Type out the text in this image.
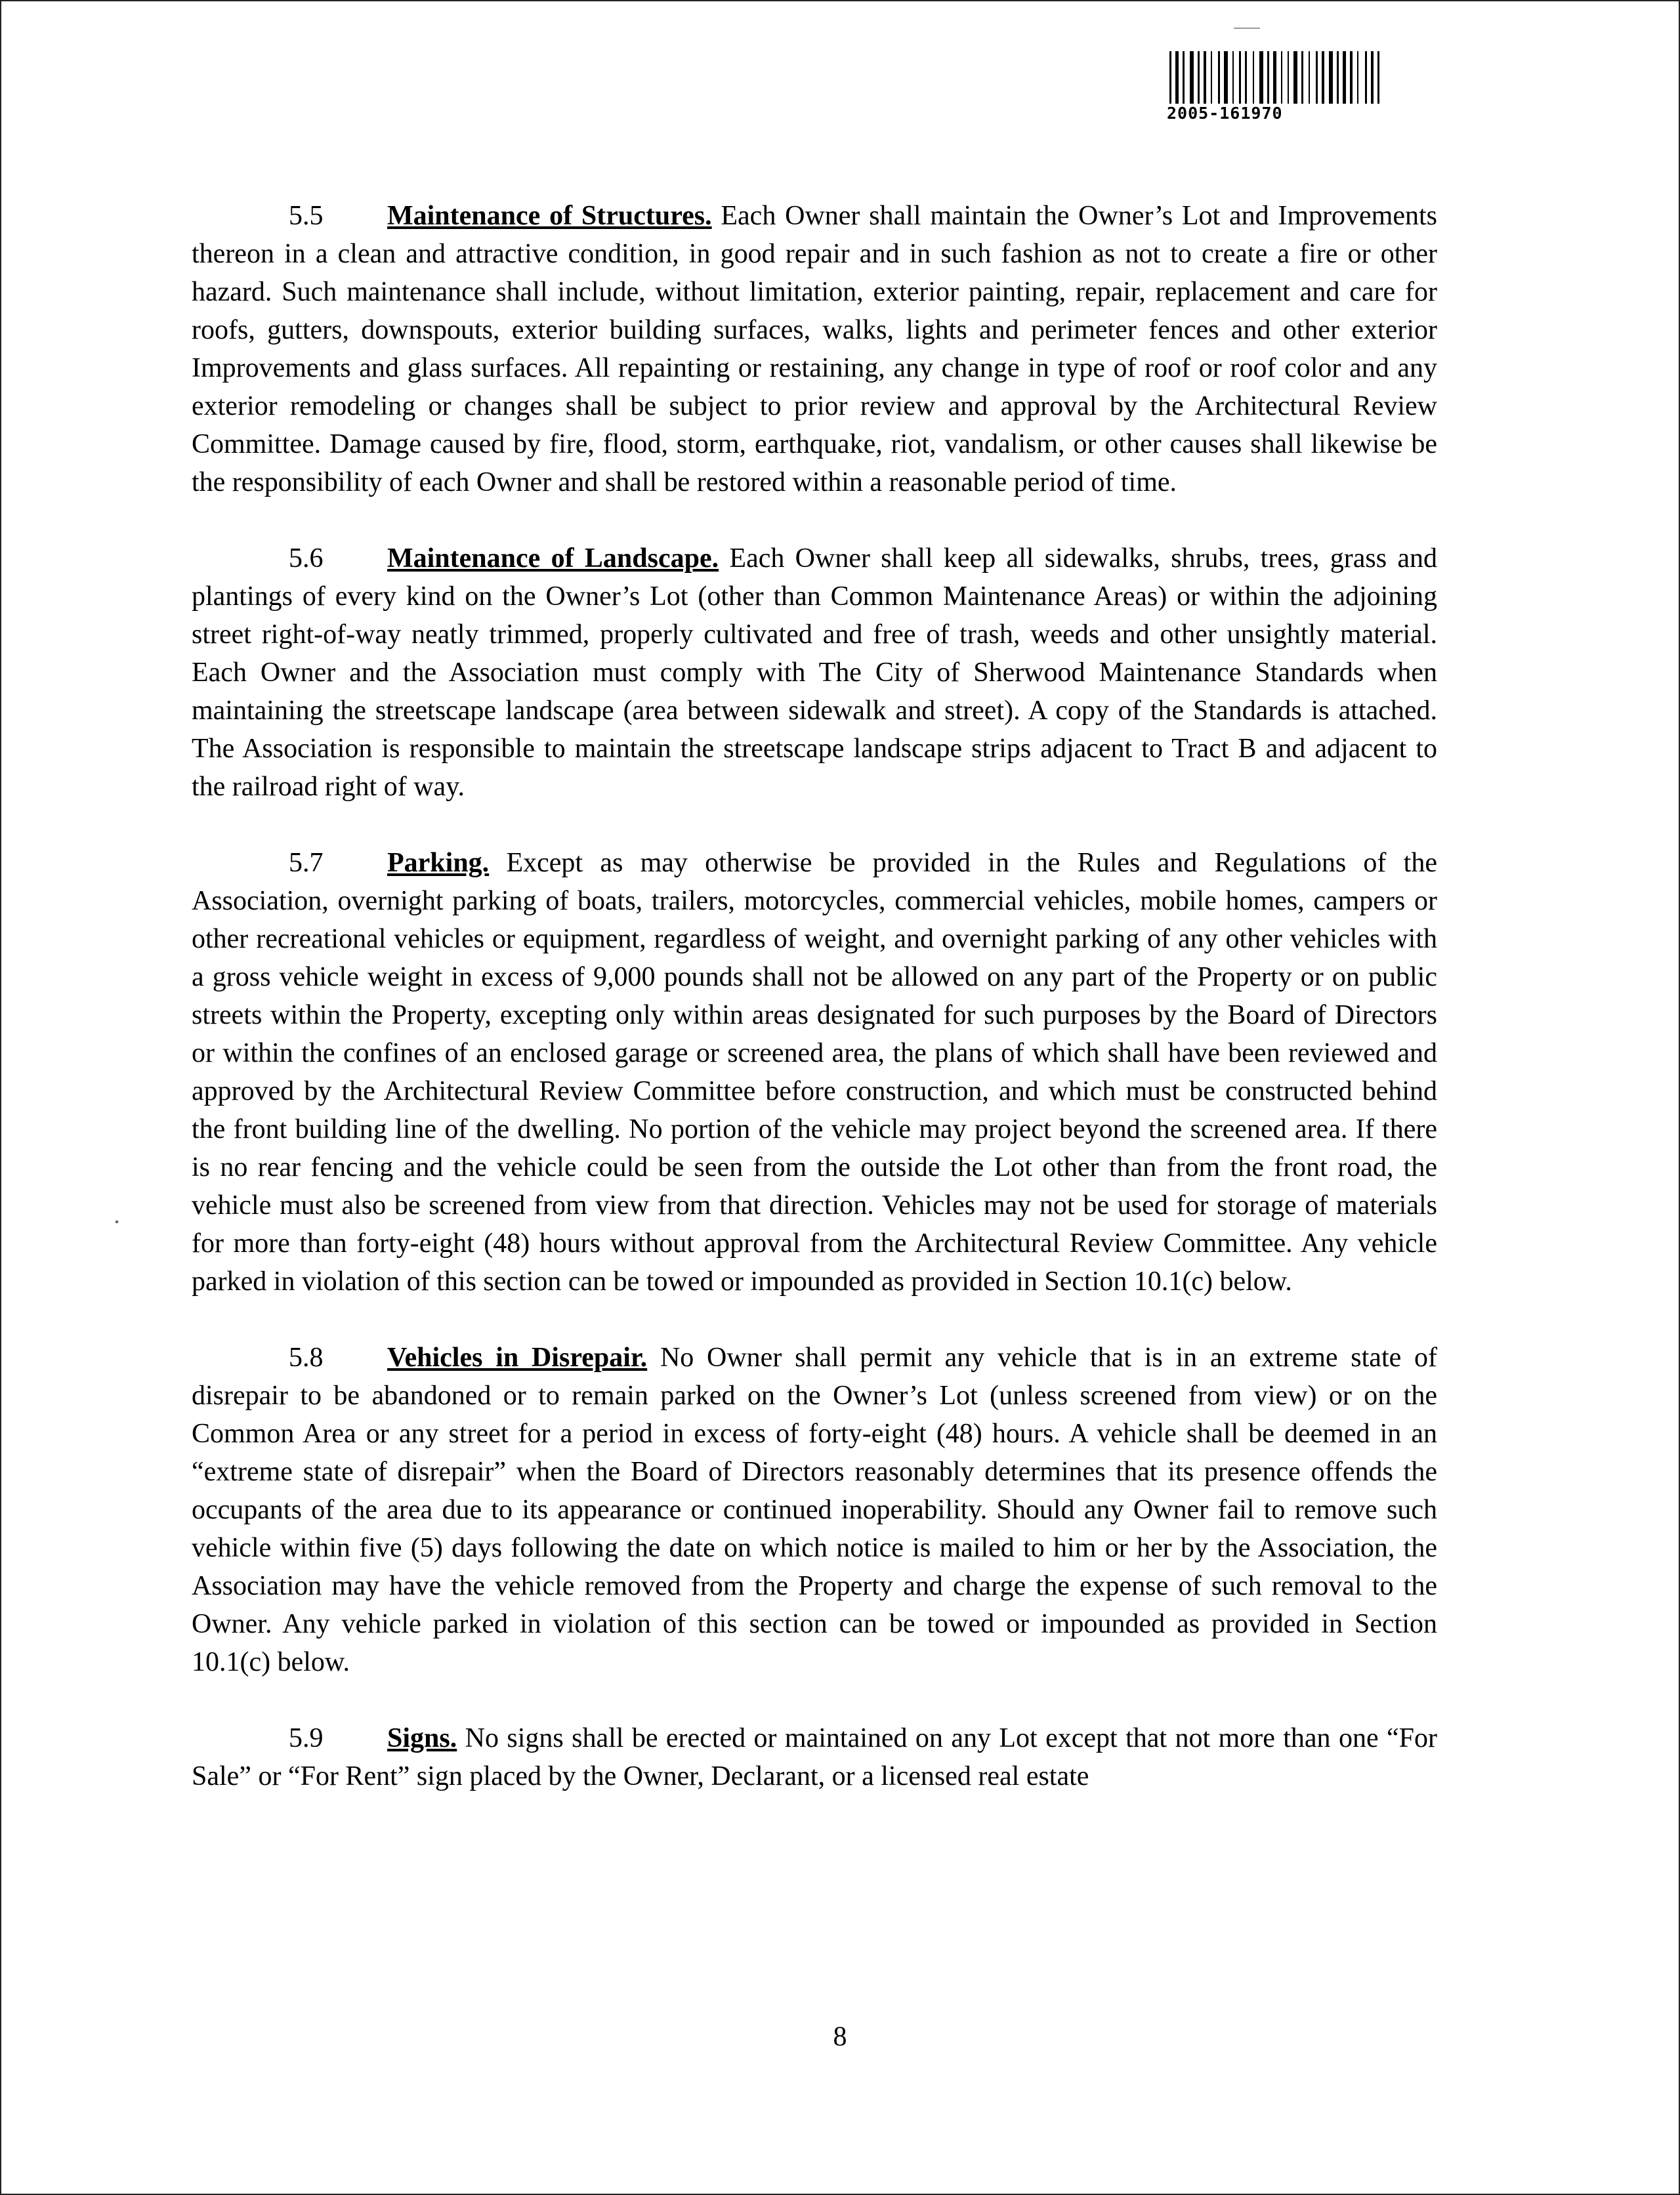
2005-161970

5.5 Maintenance of Structures. Each Owner shall maintain the Owner’s Lot and Improvements thereon in a clean and attractive condition, in good repair and in such fashion as not to create a fire or other hazard. Such maintenance shall include, without limitation, exterior painting, repair, replacement and care for roofs, gutters, downspouts, exterior building surfaces, walks, lights and perimeter fences and other exterior Improvements and glass surfaces. All repainting or restaining, any change in type of roof or roof color and any exterior remodeling or changes shall be subject to prior review and approval by the Architectural Review Committee. Damage caused by fire, flood, storm, earthquake, riot, vandalism, or other causes shall likewise be the responsibility of each Owner and shall be restored within a reasonable period of time.

5.6 Maintenance of Landscape. Each Owner shall keep all sidewalks, shrubs, trees, grass and plantings of every kind on the Owner’s Lot (other than Common Maintenance Areas) or within the adjoining street right-of-way neatly trimmed, properly cultivated and free of trash, weeds and other unsightly material. Each Owner and the Association must comply with The City of Sherwood Maintenance Standards when maintaining the streetscape landscape (area between sidewalk and street). A copy of the Standards is attached. The Association is responsible to maintain the streetscape landscape strips adjacent to Tract B and adjacent to the railroad right of way.

5.7 Parking. Except as may otherwise be provided in the Rules and Regulations of the Association, overnight parking of boats, trailers, motorcycles, commercial vehicles, mobile homes, campers or other recreational vehicles or equipment, regardless of weight, and overnight parking of any other vehicles with a gross vehicle weight in excess of 9,000 pounds shall not be allowed on any part of the Property or on public streets within the Property, excepting only within areas designated for such purposes by the Board of Directors or within the confines of an enclosed garage or screened area, the plans of which shall have been reviewed and approved by the Architectural Review Committee before construction, and which must be constructed behind the front building line of the dwelling. No portion of the vehicle may project beyond the screened area. If there is no rear fencing and the vehicle could be seen from the outside the Lot other than from the front road, the vehicle must also be screened from view from that direction. Vehicles may not be used for storage of materials for more than forty-eight (48) hours without approval from the Architectural Review Committee. Any vehicle parked in violation of this section can be towed or impounded as provided in Section 10.1(c) below.

5.8 Vehicles in Disrepair. No Owner shall permit any vehicle that is in an extreme state of disrepair to be abandoned or to remain parked on the Owner’s Lot (unless screened from view) or on the Common Area or any street for a period in excess of forty-eight (48) hours. A vehicle shall be deemed in an “extreme state of disrepair” when the Board of Directors reasonably determines that its presence offends the occupants of the area due to its appearance or continued inoperability. Should any Owner fail to remove such vehicle within five (5) days following the date on which notice is mailed to him or her by the Association, the Association may have the vehicle removed from the Property and charge the expense of such removal to the Owner. Any vehicle parked in violation of this section can be towed or impounded as provided in Section 10.1(c) below.

5.9 Signs. No signs shall be erected or maintained on any Lot except that not more than one “For Sale” or “For Rent” sign placed by the Owner, Declarant, or a licensed real estate

8
